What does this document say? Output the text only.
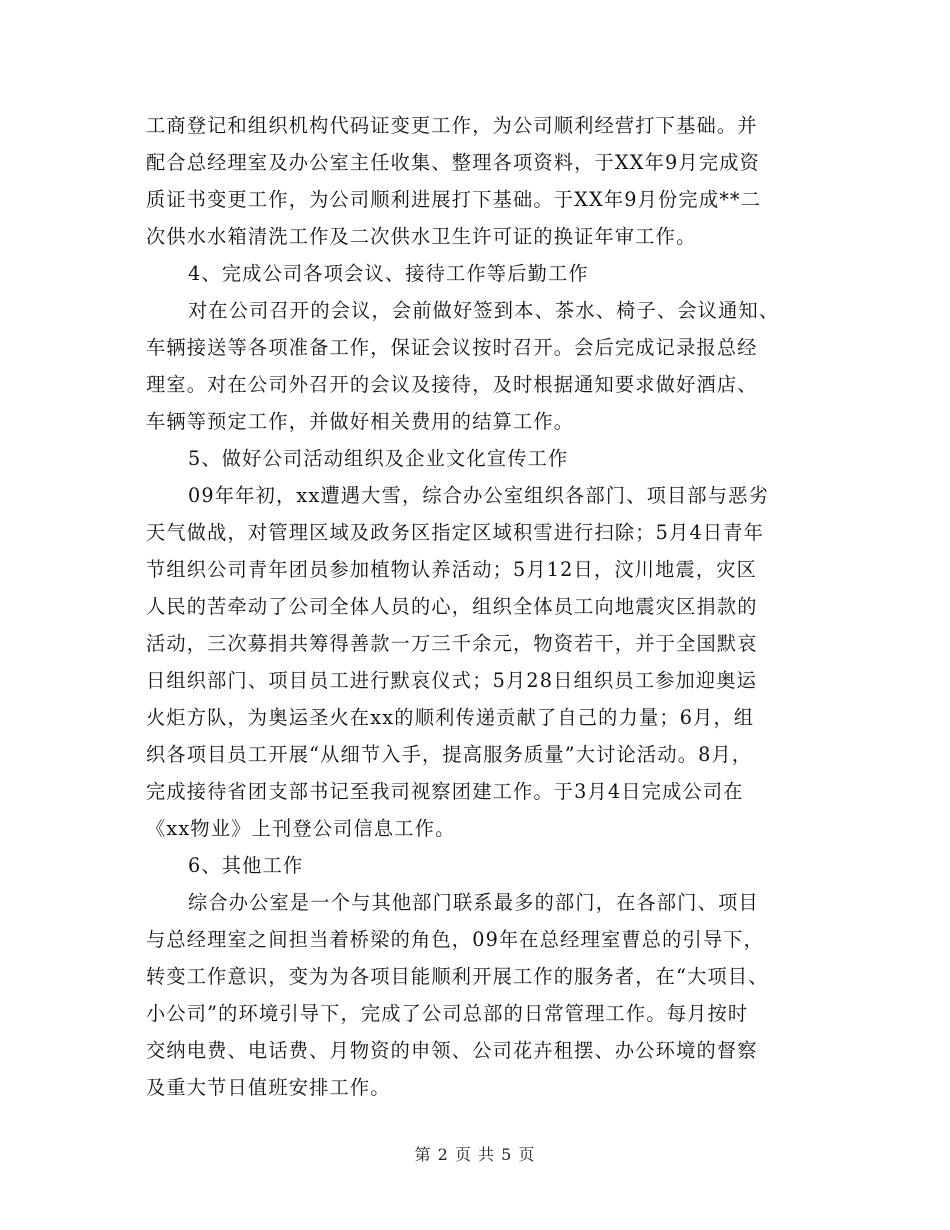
工商登记和组织机构代码证变更工作，为公司顺利经营打下基础。并
配合总经理室及办公室主任收集、整理各项资料，于XX年9月完成资
质证书变更工作，为公司顺利进展打下基础。于XX年9月份完成**二
次供水水箱清洗工作及二次供水卫生许可证的换证年审工作。
4、完成公司各项会议、接待工作等后勤工作
对在公司召开的会议，会前做好签到本、茶水、椅子、会议通知、
车辆接送等各项准备工作，保证会议按时召开。会后完成记录报总经
理室。对在公司外召开的会议及接待，及时根据通知要求做好酒店、
车辆等预定工作，并做好相关费用的结算工作。
5、做好公司活动组织及企业文化宣传工作
09年年初，xx遭遇大雪，综合办公室组织各部门、项目部与恶劣
天气做战，对管理区域及政务区指定区域积雪进行扫除；5月4日青年
节组织公司青年团员参加植物认养活动；5月12日，汶川地震，灾区
人民的苦牵动了公司全体人员的心，组织全体员工向地震灾区捐款的
活动，三次募捐共筹得善款一万三千余元，物资若干，并于全国默哀
日组织部门、项目员工进行默哀仪式；5月28日组织员工参加迎奥运
火炬方队，为奥运圣火在xx的顺利传递贡献了自己的力量；6月，组
织各项目员工开展“从细节入手，提高服务质量”大讨论活动。8月，
完成接待省团支部书记至我司视察团建工作。于3月4日完成公司在
《xx物业》上刊登公司信息工作。
6、其他工作
综合办公室是一个与其他部门联系最多的部门，在各部门、项目
与总经理室之间担当着桥梁的角色，09年在总经理室曹总的引导下，
转变工作意识，变为为各项目能顺利开展工作的服务者，在“大项目、
小公司”的环境引导下，完成了公司总部的日常管理工作。每月按时
交纳电费、电话费、月物资的申领、公司花卉租摆、办公环境的督察
及重大节日值班安排工作。
第 2 页 共 5 页
